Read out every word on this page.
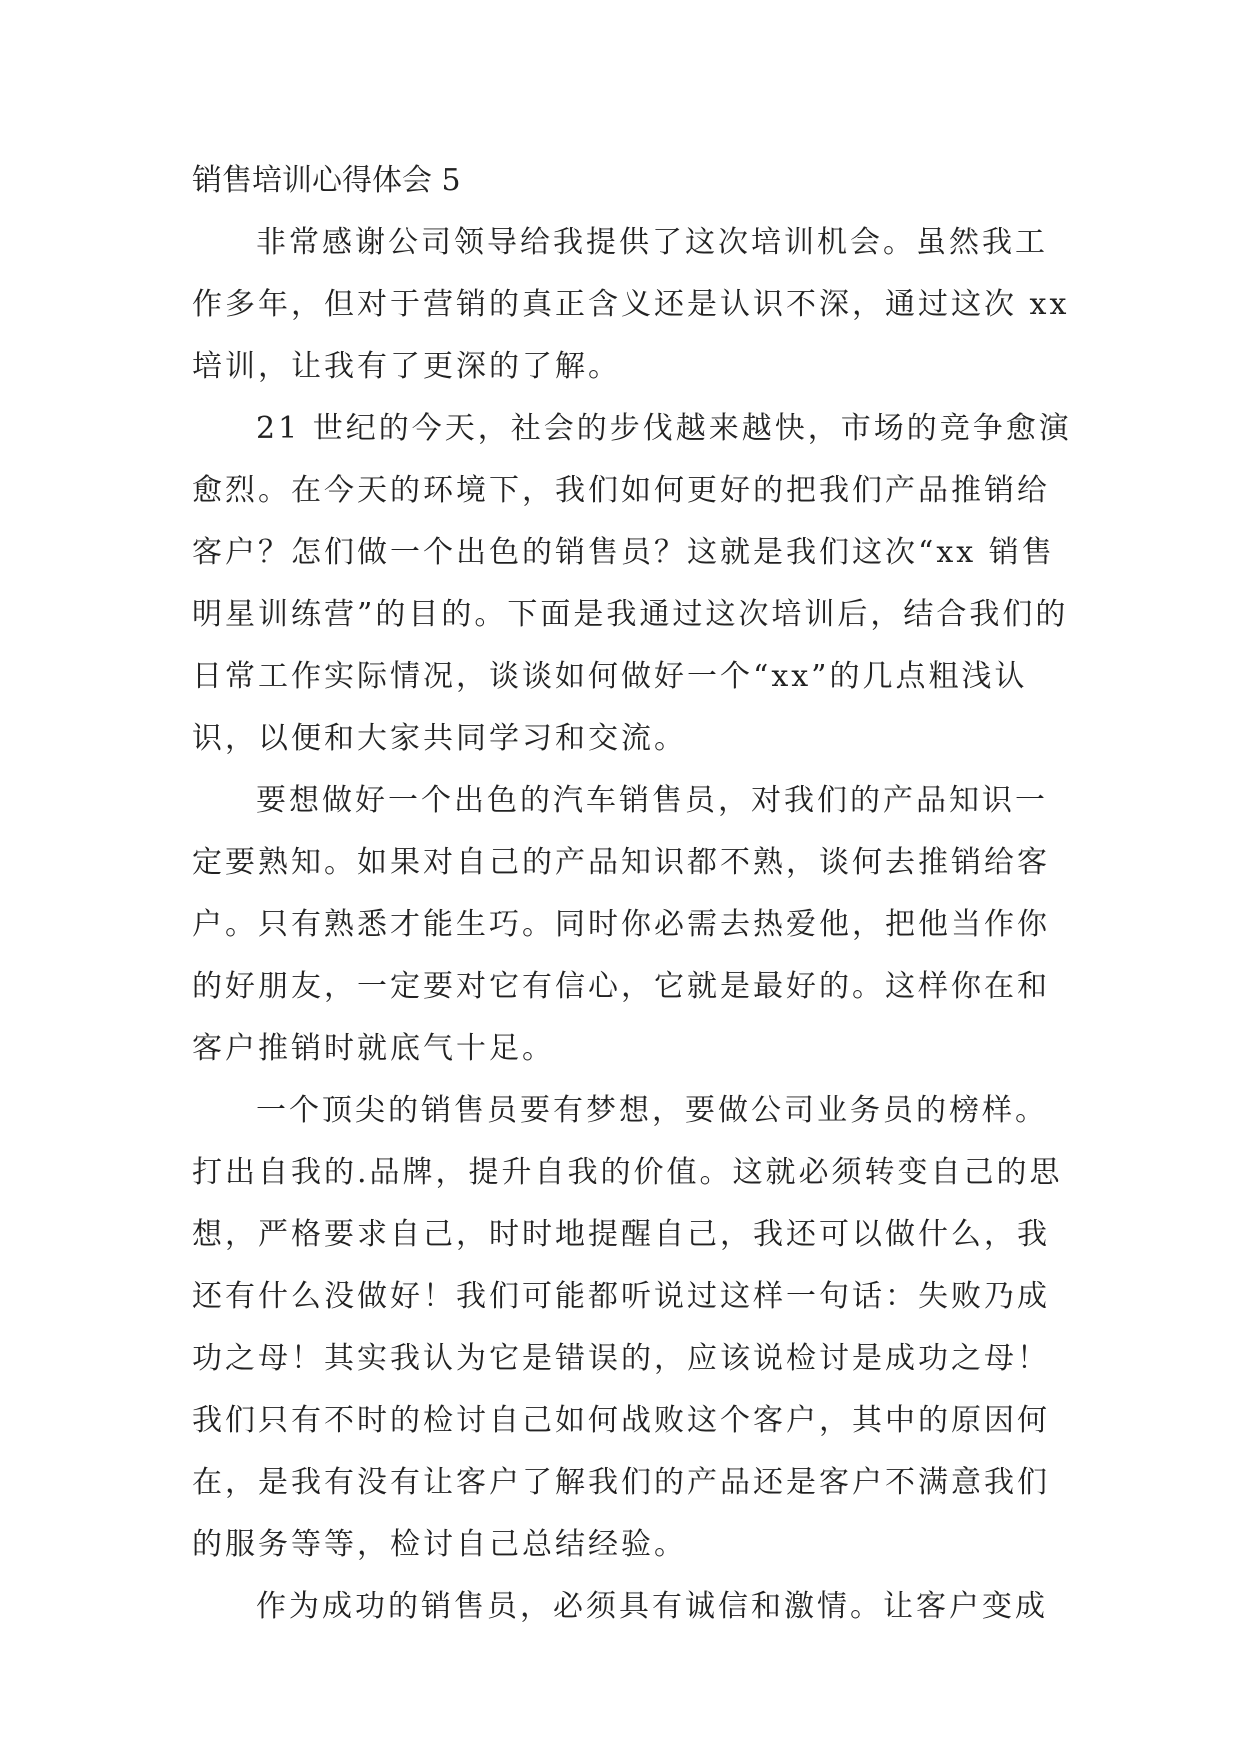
销售培训心得体会 5

非常感谢公司领导给我提供了这次培训机会。虽然我工作多年，但对于营销的真正含义还是认识不深，通过这次 xx 培训，让我有了更深的了解。

21 世纪的今天，社会的步伐越来越快，市场的竞争愈演愈烈。在今天的环境下，我们如何更好的把我们产品推销给客户？怎们做一个出色的销售员？这就是我们这次“xx 销售明星训练营”的目的。下面是我通过这次培训后，结合我们的日常工作实际情况，谈谈如何做好一个“xx”的几点粗浅认识，以便和大家共同学习和交流。

要想做好一个出色的汽车销售员，对我们的产品知识一定要熟知。如果对自己的产品知识都不熟，谈何去推销给客户。只有熟悉才能生巧。同时你必需去热爱他，把他当作你的好朋友，一定要对它有信心，它就是最好的。这样你在和客户推销时就底气十足。

一个顶尖的销售员要有梦想，要做公司业务员的榜样。打出自我的.品牌，提升自我的价值。这就必须转变自己的思想，严格要求自己，时时地提醒自己，我还可以做什么，我还有什么没做好！我们可能都听说过这样一句话：失败乃成功之母！其实我认为它是错误的，应该说检讨是成功之母！我们只有不时的检讨自己如何战败这个客户，其中的原因何在，是我有没有让客户了解我们的产品还是客户不满意我们的服务等等，检讨自己总结经验。

作为成功的销售员，必须具有诚信和激情。让客户变成
